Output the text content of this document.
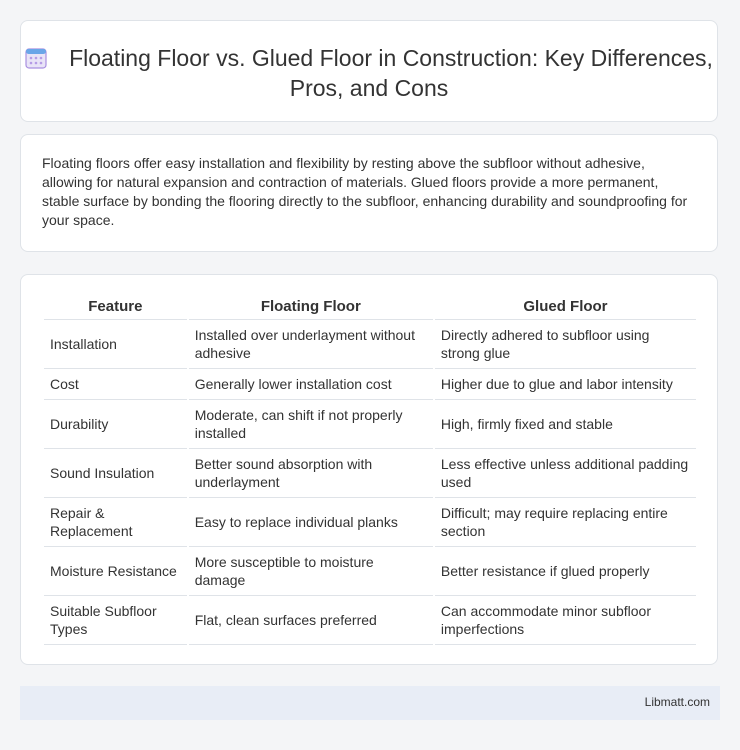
Floating Floor vs. Glued Floor in Construction: Key Differences, Pros, and Cons

Floating floors offer easy installation and flexibility by resting above the subfloor without adhesive, allowing for natural expansion and contraction of materials. Glued floors provide a more permanent, stable surface by bonding the flooring directly to the subfloor, enhancing durability and soundproofing for your space.

Feature	Floating Floor	Glued Floor
Installation	Installed over underlayment without adhesive	Directly adhered to subfloor using strong glue
Cost	Generally lower installation cost	Higher due to glue and labor intensity
Durability	Moderate, can shift if not properly installed	High, firmly fixed and stable
Sound Insulation	Better sound absorption with underlayment	Less effective unless additional padding used
Repair & Replacement	Easy to replace individual planks	Difficult; may require replacing entire section
Moisture Resistance	More susceptible to moisture damage	Better resistance if glued properly
Suitable Subfloor Types	Flat, clean surfaces preferred	Can accommodate minor subfloor imperfections
Libmatt.com
